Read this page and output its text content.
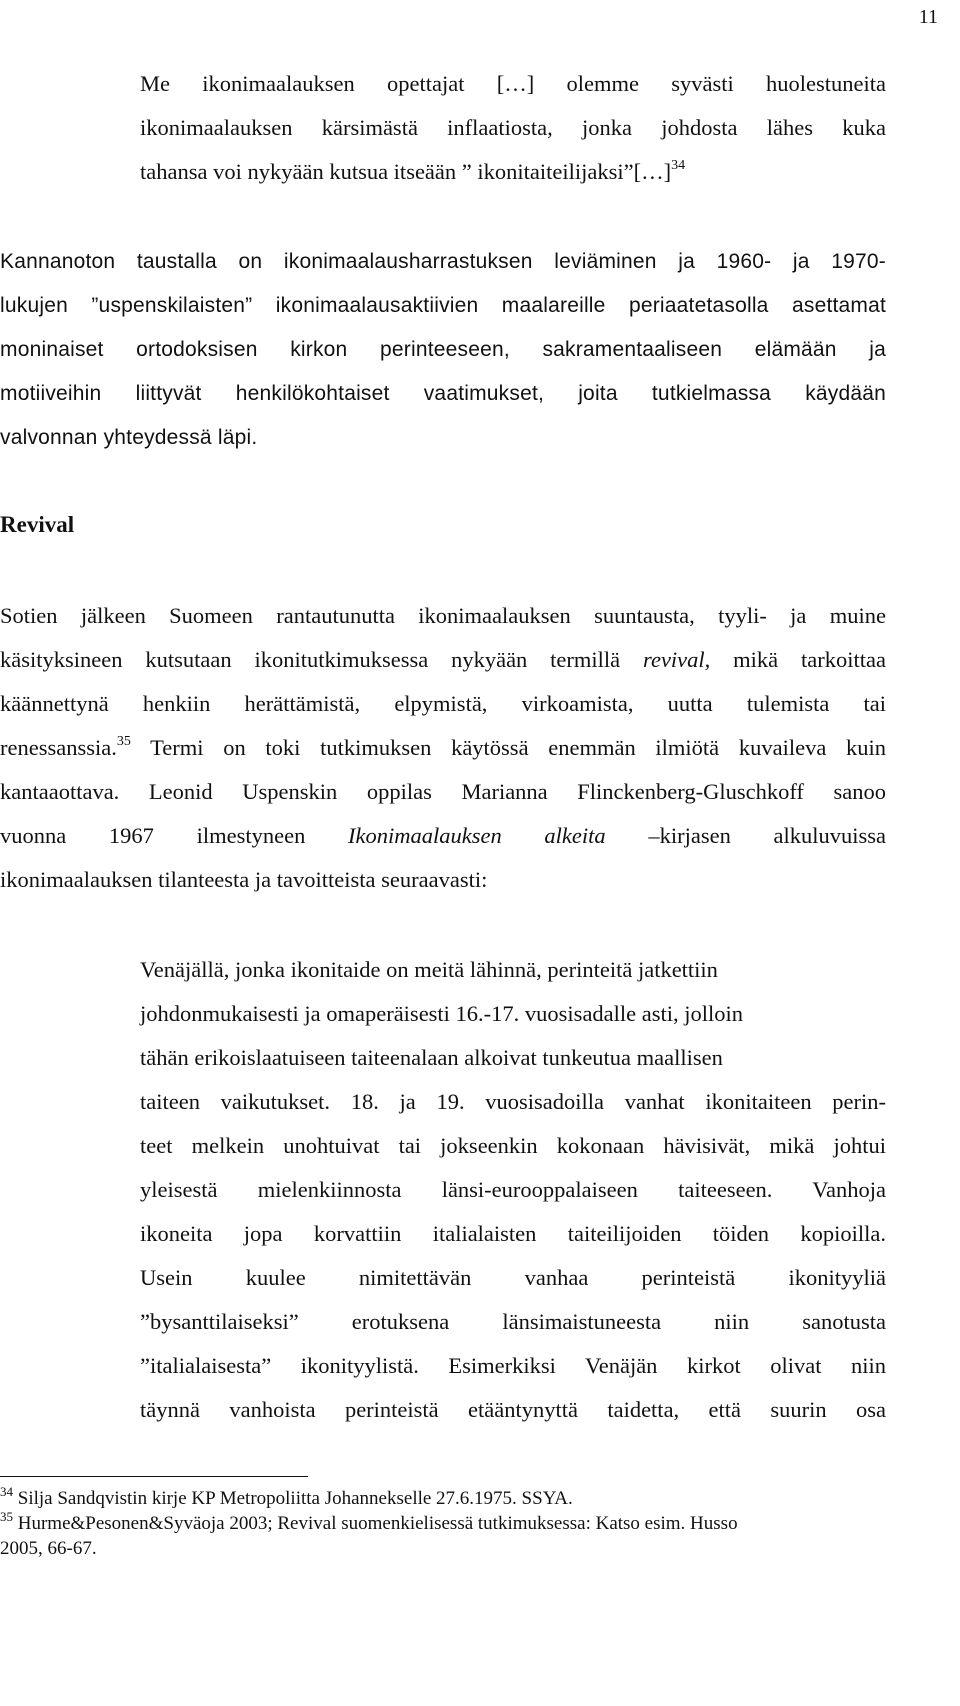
11
Me ikonimaalauksen opettajat […] olemme syvästi huolestuneita
ikonimaalauksen kärsimästä inflaatiosta, jonka johdosta lähes kuka
tahansa voi nykyään kutsua itseään ” ikonitaiteilijaksi”[…]$^{34}$
Kannanoton taustalla on ikonimaalausharrastuksen leviäminen ja 1960- ja 1970-
lukujen ”uspenskilaisten” ikonimaalausaktiivien maalareille periaatetasolla asettamat
moninaiset ortodoksisen kirkon perinteeseen, sakramentaaliseen elämään ja
motiiveihin liittyvät henkilökohtaiset vaatimukset, joita tutkielmassa käydään
valvonnan yhteydessä läpi.
Revival
Sotien jälkeen Suomeen rantautunutta ikonimaalauksen suuntausta, tyyli- ja muine
käsityksineen kutsutaan ikonitutkimuksessa nykyään termillä revival, mikä tarkoittaa
käännettynä henkiin herättämistä, elpymistä, virkoamista, uutta tulemista tai
renessanssia.$^{35}$ Termi on toki tutkimuksen käytössä enemmän ilmiötä kuvaileva kuin
kantaaottava. Leonid Uspenskin oppilas Marianna Flinckenberg-Gluschkoff sanoo
vuonna 1967 ilmestyneen Ikonimaalauksen alkeita –kirjasen alkuluvuissa
ikonimaalauksen tilanteesta ja tavoitteista seuraavasti:
Venäjällä, jonka ikonitaide on meitä lähinnä, perinteitä jatkettiin
johdonmukaisesti ja omaperäisesti 16.-17. vuosisadalle asti, jolloin
tähän erikoislaatuiseen taiteenalaan alkoivat tunkeutua maallisen
taiteen vaikutukset. 18. ja 19. vuosisadoilla vanhat ikonitaiteen perin-
teet melkein unohtuivat tai jokseenkin kokonaan hävisivät, mikä johtui
yleisestä mielenkiinnosta länsi-eurooppalaiseen taiteeseen. Vanhoja
ikoneita jopa korvattiin italialaisten taiteilijoiden töiden kopioilla.
Usein kuulee nimitettävän vanhaa perinteistä ikonityyliä
”bysanttilaiseksi” erotuksena länsimaistuneesta niin sanotusta
”italialaisesta” ikonityylistä. Esimerkiksi Venäjän kirkot olivat niin
täynnä vanhoista perinteistä etääntynyttä taidetta, että suurin osa
$^{34}$ Silja Sandqvistin kirje KP Metropoliitta Johannekselle 27.6.1975. SSYA.
$^{35}$ Hurme&Pesonen&Syväoja 2003; Revival suomenkielisessä tutkimuksessa: Katso esim. Husso
2005, 66-67.
